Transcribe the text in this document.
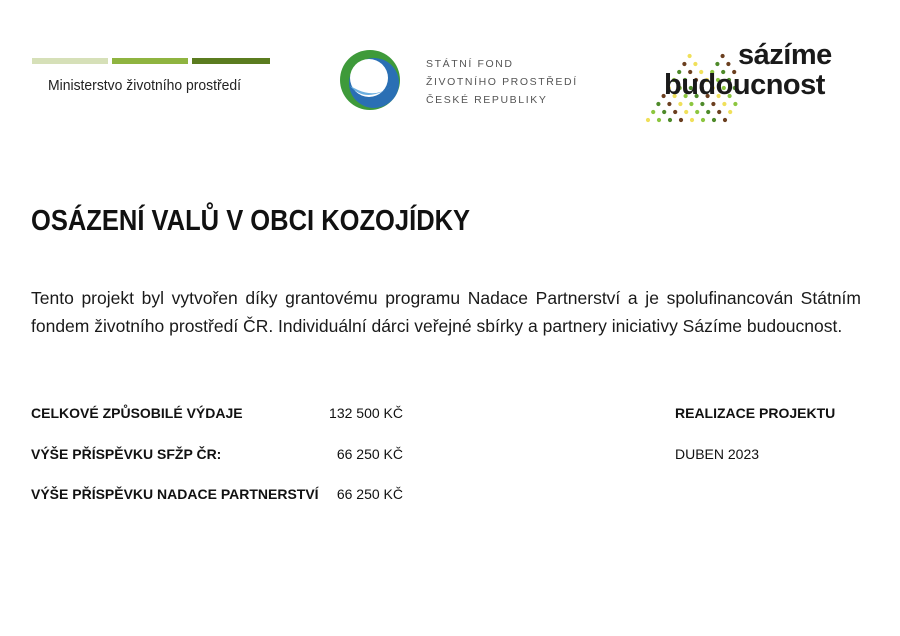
Ministerstvo životního prostředí
STÁTNÍ FOND
ŽIVOTNÍHO PROSTŘEDÍ
ČESKÉ REPUBLIKY
sázíme
budoucnost
OSÁZENÍ VALŮ V OBCI KOZOJÍDKY

Tento projekt byl vytvořen díky grantovému programu Nadace Partnerství a je spolufinancován Státním fondem životního prostředí ČR. Individuální dárci veřejné sbírky a partnery iniciativy Sázíme budoucnost.

CELKOVÉ ZPŮSOBILÉ VÝDAJE	132 500 KČ
VÝŠE PŘÍSPĚVKU SFŽP ČR:	66 250 KČ
VÝŠE PŘÍSPĚVKU NADACE PARTNERSTVÍ 66 250 KČ
REALIZACE PROJEKTU
DUBEN 2023
